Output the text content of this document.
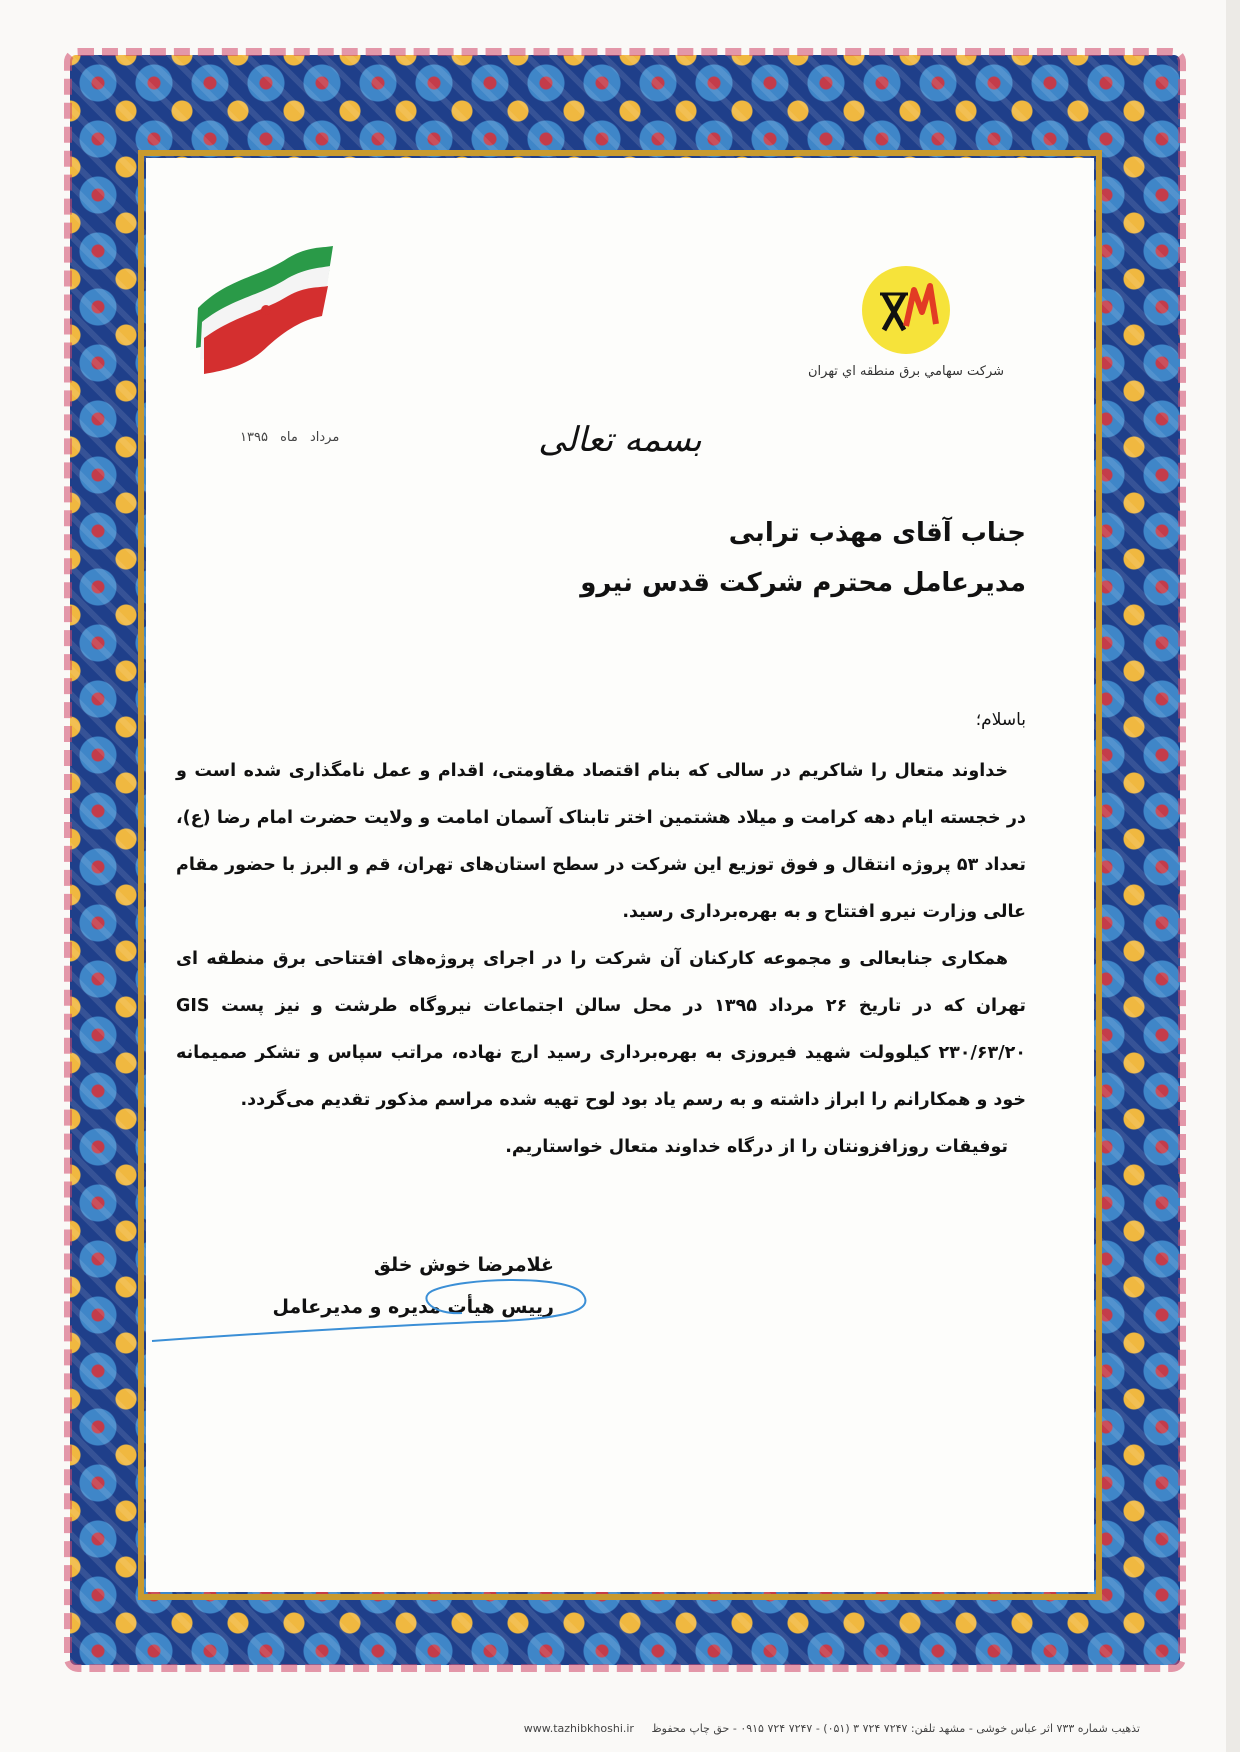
شركت سهامي برق منطقه اي تهران
مرداد ماه ۱۳۹۵	بسمه تعالی
جناب آقای مهذب ترابی
مدیرعامل محترم شرکت قدس نیرو
باسلام؛

خداوند متعال را شاکریم در سالی که بنام اقتصاد مقاومتی، اقدام و عمل نامگذاری شده است و در خجسته ایام دهه کرامت و میلاد هشتمین اختر تابناک آسمان امامت و ولایت حضرت امام رضا (ع)، تعداد ۵۳ پروژه انتقال و فوق توزیع این شرکت در سطح استان‌های تهران، قم و البرز با حضور مقام عالی وزارت نیرو افتتاح و به بهره‌برداری رسید.

همکاری جنابعالی و مجموعه کارکنان آن شرکت را در اجرای پروژه‌های افتتاحی برق منطقه ای تهران که در تاریخ ۲۶ مرداد ۱۳۹۵ در محل سالن اجتماعات نیروگاه طرشت و نیز پست GIS ۲۳۰/۶۳/۲۰ کیلوولت شهید فیروزی به بهره‌برداری رسید ارج نهاده، مراتب سپاس و تشکر صمیمانه خود و همکارانم را ابراز داشته و به رسم یاد بود لوح تهیه شده مراسم مذکور تقدیم می‌گردد.

توفیقات روزافزونتان را از درگاه خداوند متعال خواستاریم.

غلامرضا خوش خلق
رییس هیأت مدیره و مدیرعامل
تذهیب شماره ۷۳۳ اثر عباس خوشی - مشهد تلفن: ۷۲۴۷ ۷۲۴ ۳ (۰۵۱) - ۷۲۴۷ ۷۲۴ ۰۹۱۵ - حق چاپ محفوظ www.tazhibkhoshi.ir
